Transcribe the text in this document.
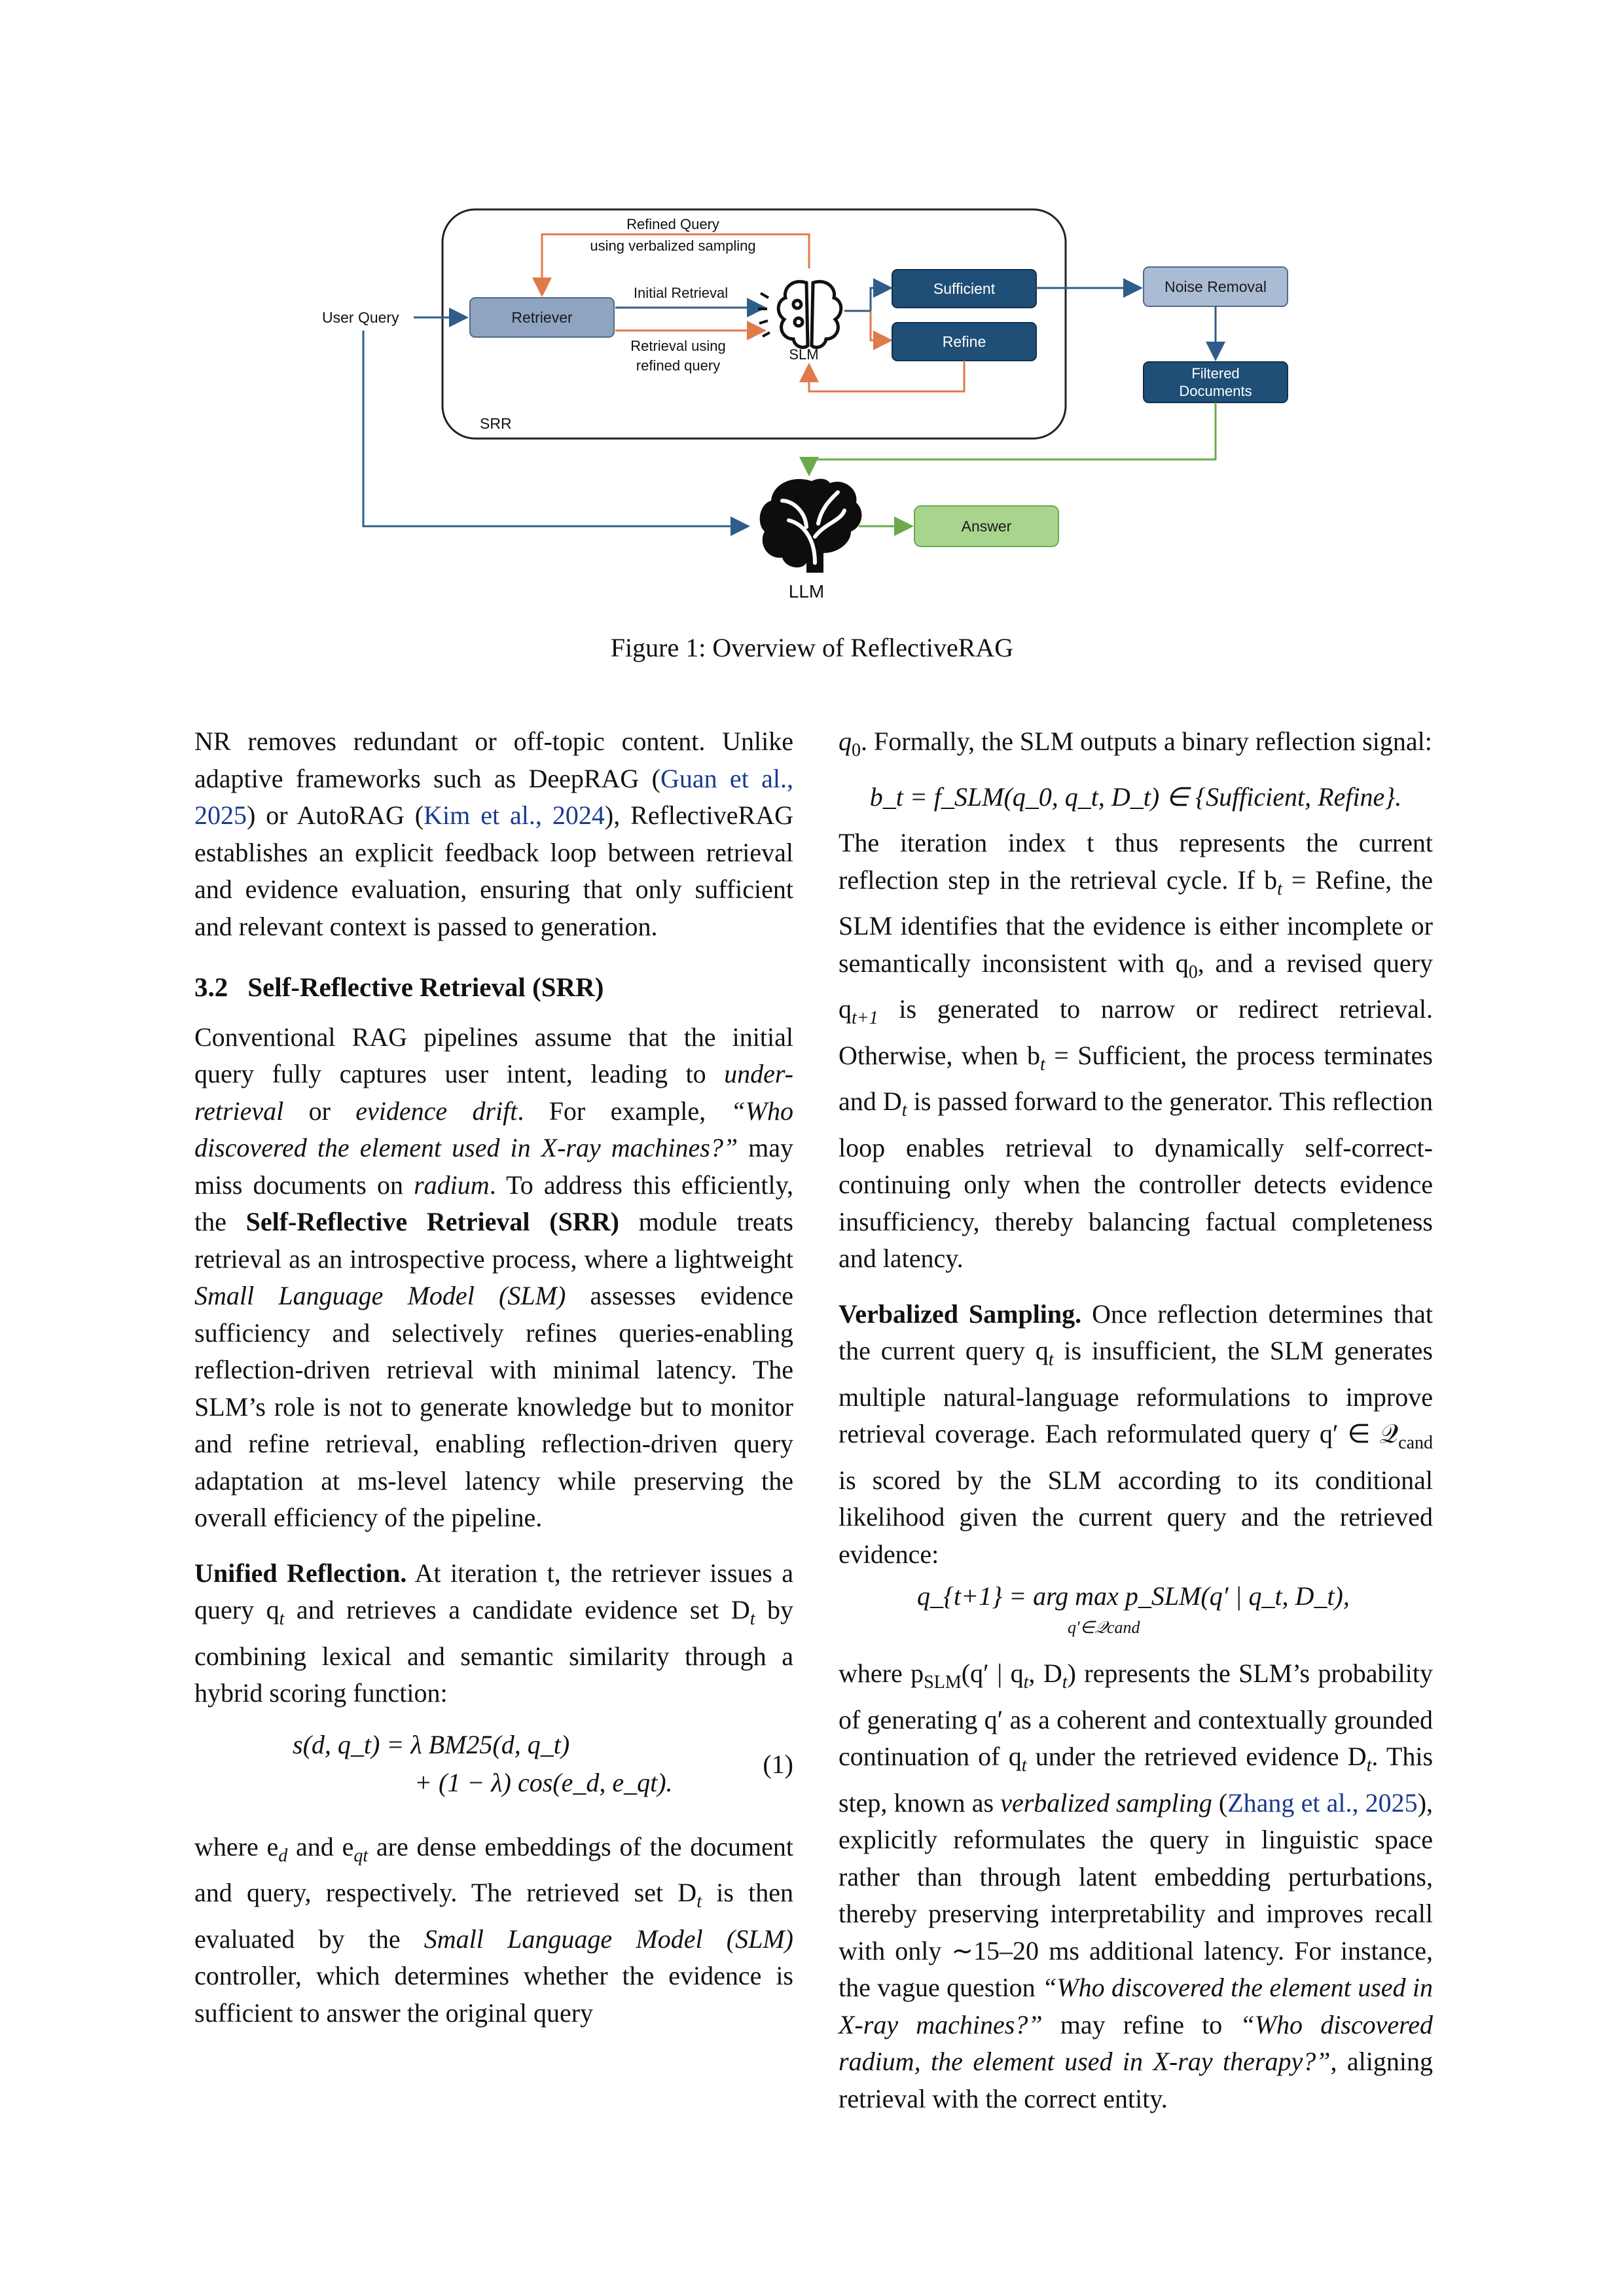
SRR
User Query	Retriever
Refined Query
using verbalized sampling
Initial Retrieval
Retrieval using
refined query
SLM
Sufficient
Refine
Noise Removal
Filtered
Documents
LLM
Answer
Figure 1: Overview of ReflectiveRAG

NR removes redundant or off-topic content. Unlike adaptive frameworks such as DeepRAG (Guan et al., 2025) or AutoRAG (Kim et al., 2024), ReflectiveRAG establishes an explicit feedback loop between retrieval and evidence evaluation, ensuring that only sufficient and relevant context is passed to generation.

3.2 Self-Reflective Retrieval (SRR)

Conventional RAG pipelines assume that the initial query fully captures user intent, leading to under-retrieval or evidence drift. For example, “Who discovered the element used in X-ray machines?” may miss documents on radium. To address this efficiently, the Self-Reflective Retrieval (SRR) module treats retrieval as an introspective process, where a lightweight Small Language Model (SLM) assesses evidence sufficiency and selectively refines queries-enabling reflection-driven retrieval with minimal latency. The SLM’s role is not to generate knowledge but to monitor and refine retrieval, enabling reflection-driven query adaptation at ms-level latency while preserving the overall efficiency of the pipeline.

Unified Reflection. At iteration t, the retriever issues a query $q_t$ and retrieves a candidate evidence set $D_t$ by combining lexical and semantic similarity through a hybrid scoring function:

s(d, q_t) = λ BM25(d, q_t)
+ (1 − λ) cos(e_d, e_qt).
(1)

where $e_d$ and $e_{qt}$ are dense embeddings of the document and query, respectively. The retrieved set $D_t$ is then evaluated by the Small Language Model (SLM) controller, which determines whether the evidence is sufficient to answer the original query

$q_0$. Formally, the SLM outputs a binary reflection signal:

b_t = f_SLM(q_0, q_t, D_t) ∈ {Sufficient, Refine}.

The iteration index t thus represents the current reflection step in the retrieval cycle. If $b_t$ = Refine, the SLM identifies that the evidence is either incomplete or semantically inconsistent with $q_0$, and a revised query $q_{t+1}$ is generated to narrow or redirect retrieval. Otherwise, when $b_t$ = Sufficient, the process terminates and $D_t$ is passed forward to the generator. This reflection loop enables retrieval to dynamically self-correct-continuing only when the controller detects evidence insufficiency, thereby balancing factual completeness and latency.

Verbalized Sampling. Once reflection determines that the current query $q_t$ is insufficient, the SLM generates multiple natural-language reformulations to improve retrieval coverage. Each reformulated query q′ ∈ 𝒬$_{cand}$ is scored by the SLM according to its conditional likelihood given the current query and the retrieved evidence:

q_{t+1} = arg max p_SLM(q′ | q_t, D_t),
q′∈𝒬cand

where $p_{SLM}(q'$ | $q_t$, $D_t$) represents the SLM’s probability of generating q′ as a coherent and contextually grounded continuation of $q_t$ under the retrieved evidence $D_t$. This step, known as verbalized sampling (Zhang et al., 2025), explicitly reformulates the query in linguistic space rather than through latent embedding perturbations, thereby preserving interpretability and improves recall with only ∼15–20 ms additional latency. For instance, the vague question “Who discovered the element used in X-ray machines?” may refine to “Who discovered radium, the element used in X-ray therapy?”, aligning retrieval with the correct entity.
